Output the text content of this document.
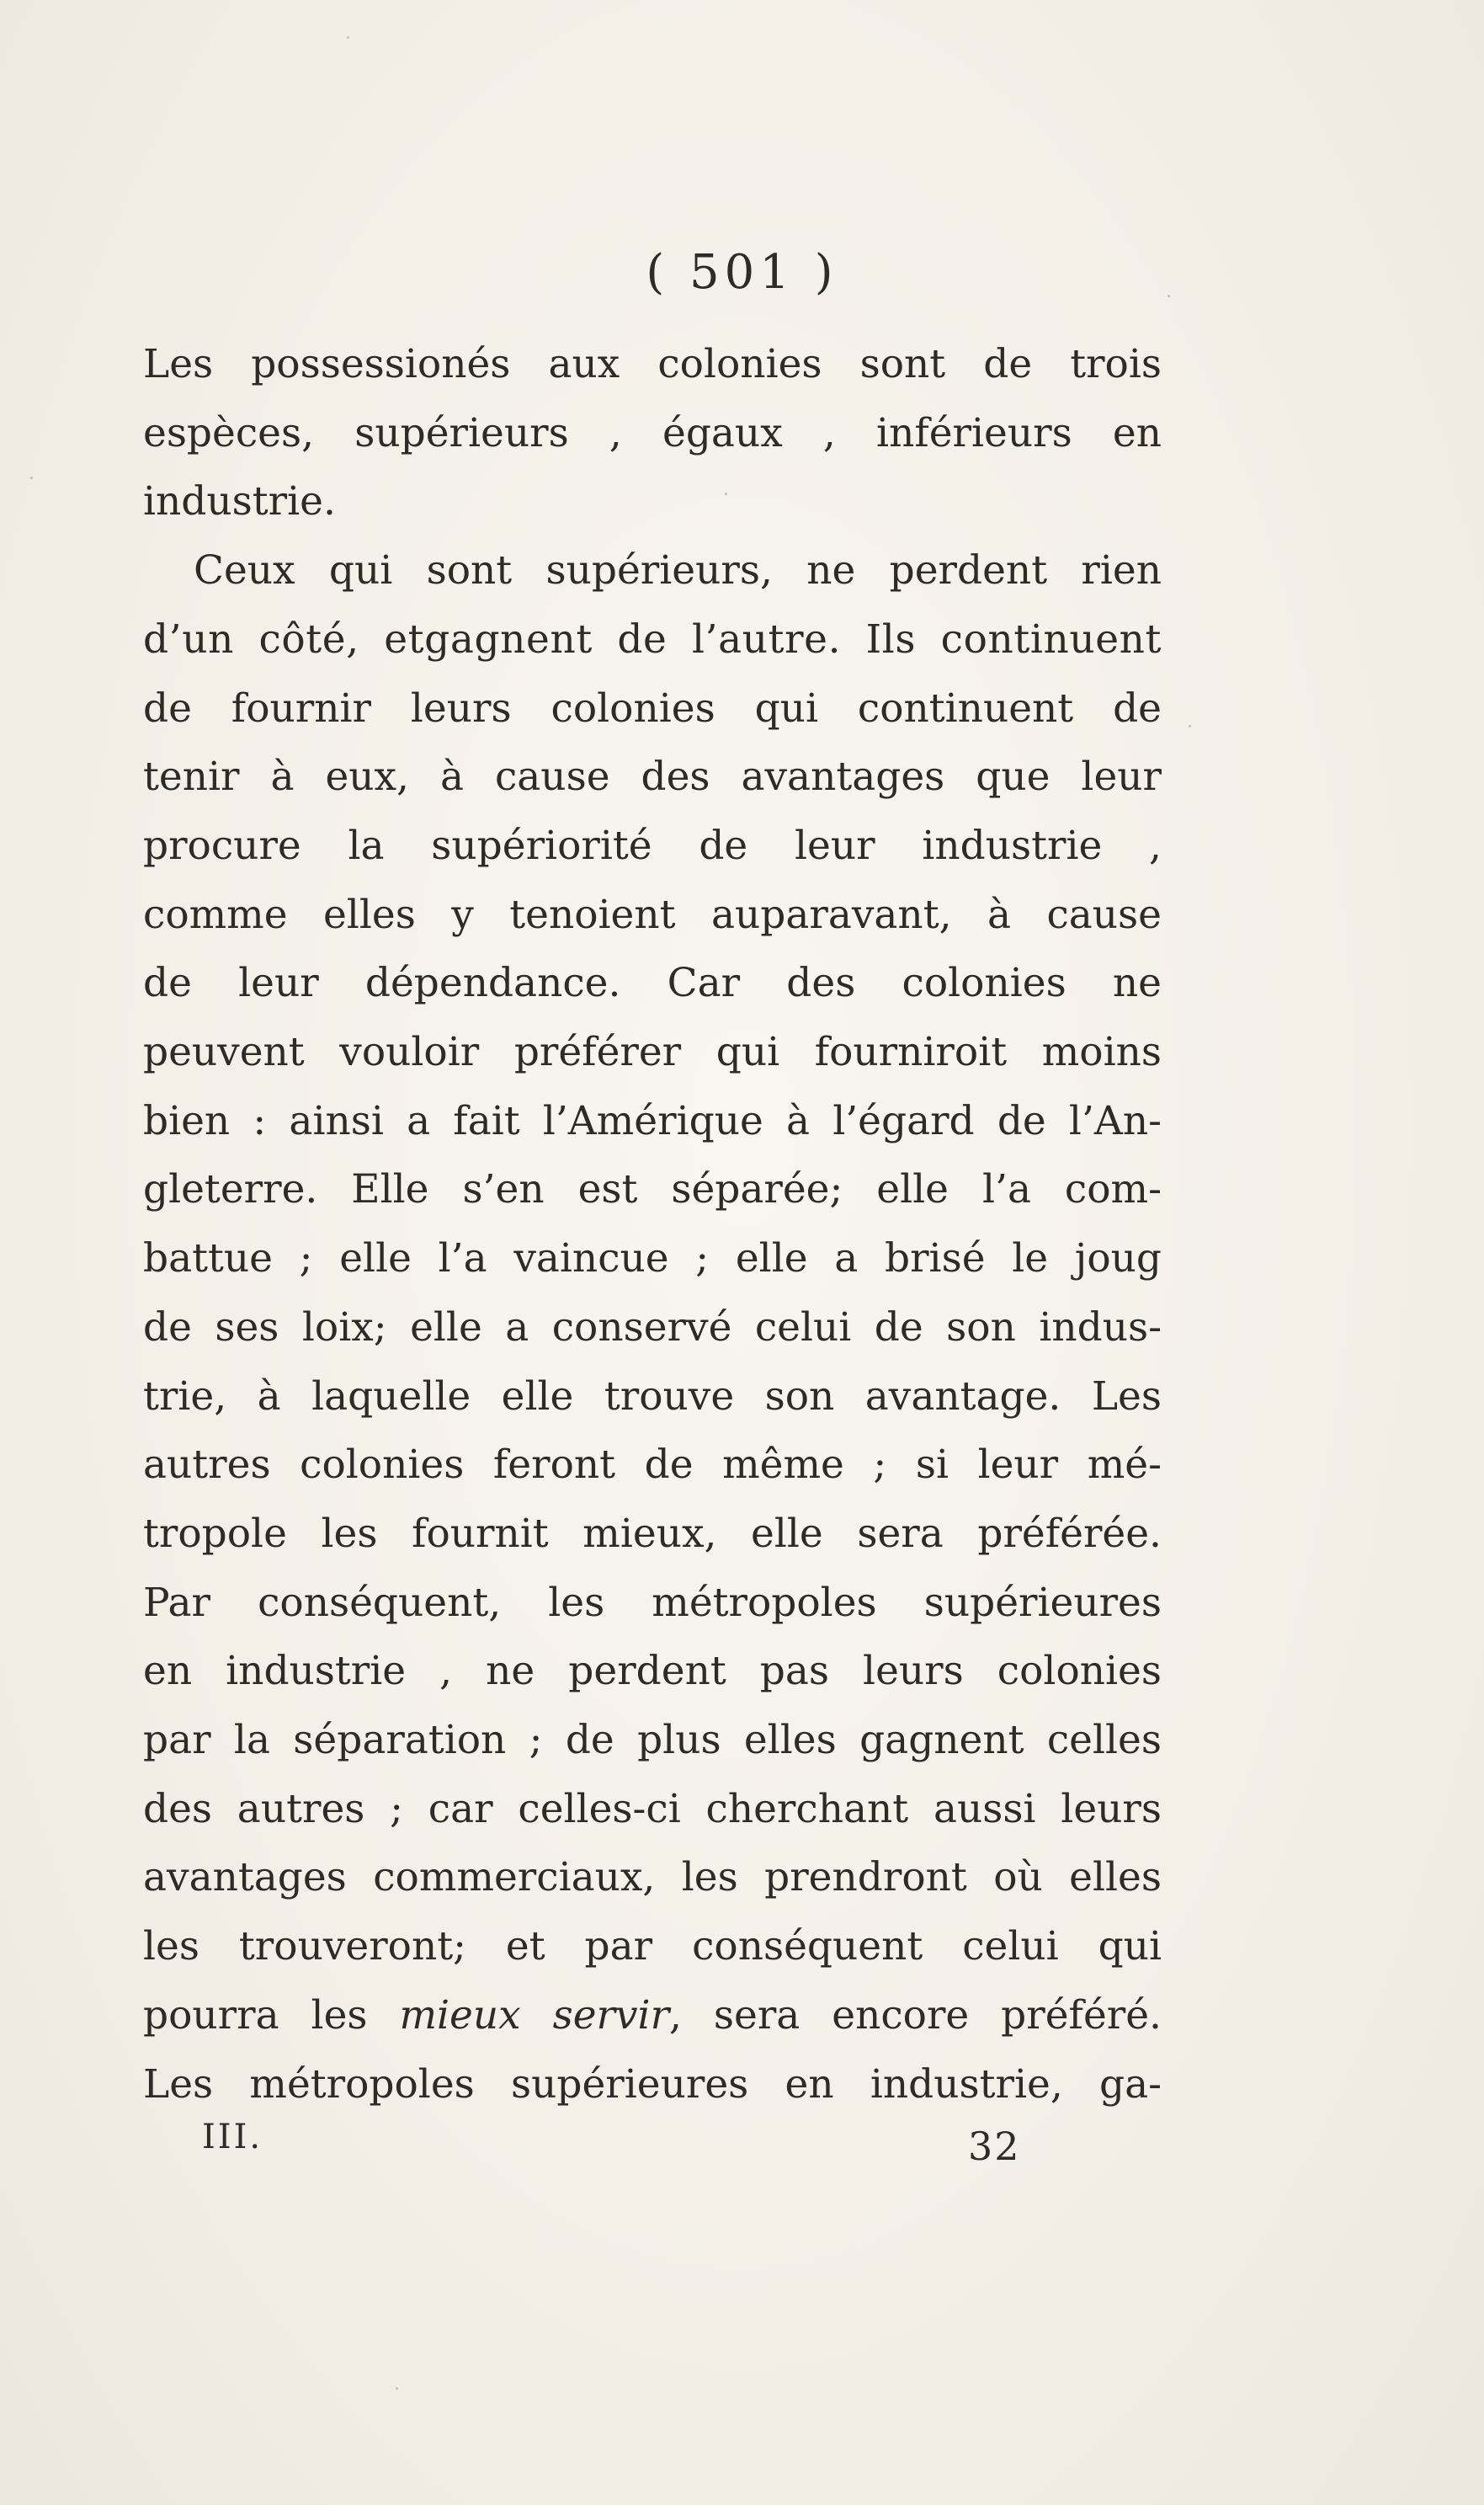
( 501 )
Les possessionés aux colonies sont de trois
espèces, supérieurs , égaux , inférieurs en
industrie.
Ceux qui sont supérieurs, ne perdent rien
d’un côté, etgagnent de l’autre. Ils continuent
de fournir leurs colonies qui continuent de
tenir à eux, à cause des avantages que leur
procure la supériorité de leur industrie ,
comme elles y tenoient auparavant, à cause
de leur dépendance. Car des colonies ne
peuvent vouloir préférer qui fourniroit moins
bien : ainsi a fait l’Amérique à l’égard de l’An-
gleterre. Elle s’en est séparée; elle l’a com-
battue ; elle l’a vaincue ; elle a brisé le joug
de ses loix; elle a conservé celui de son indus-
trie, à laquelle elle trouve son avantage. Les
autres colonies feront de même ; si leur mé-
tropole les fournit mieux, elle sera préférée.
Par conséquent, les métropoles supérieures
en industrie , ne perdent pas leurs colonies
par la séparation ; de plus elles gagnent celles
des autres ; car celles-ci cherchant aussi leurs
avantages commerciaux, les prendront où elles
les trouveront; et par conséquent celui qui
pourra les mieux servir, sera encore préféré.
Les métropoles supérieures en industrie, ga-
III.	32
